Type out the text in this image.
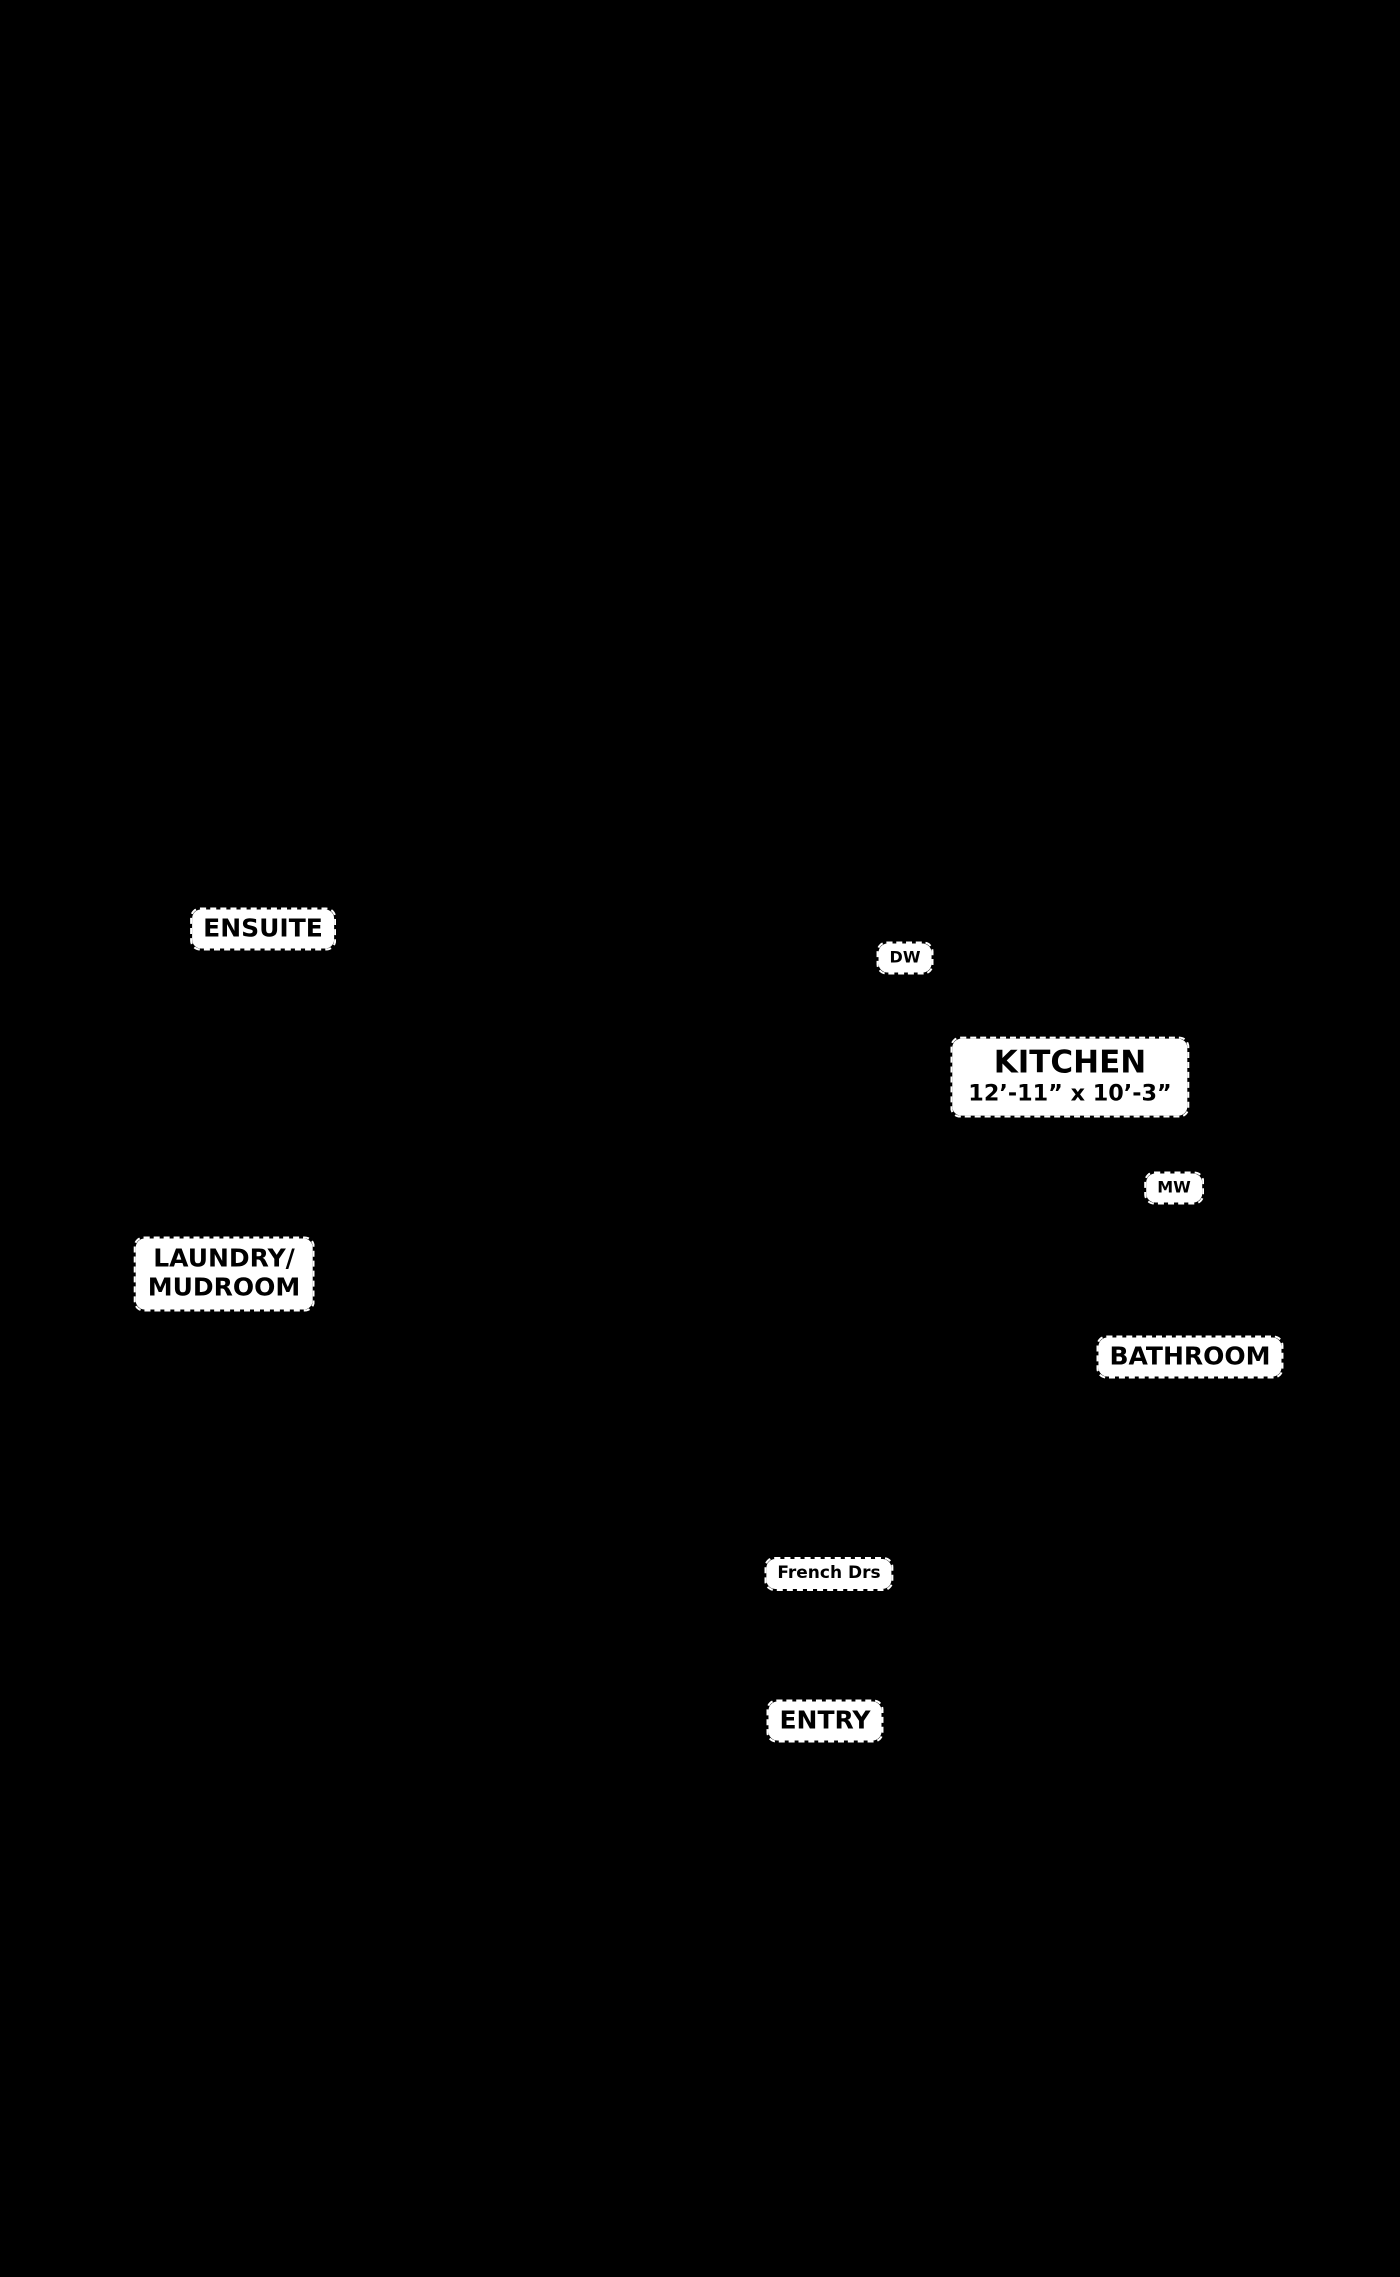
ENSUITE
DW
KITCHEN
12’-11” x 10’-3”
MW
LAUNDRY/
MUDROOM
BATHROOM
French Drs
ENTRY
